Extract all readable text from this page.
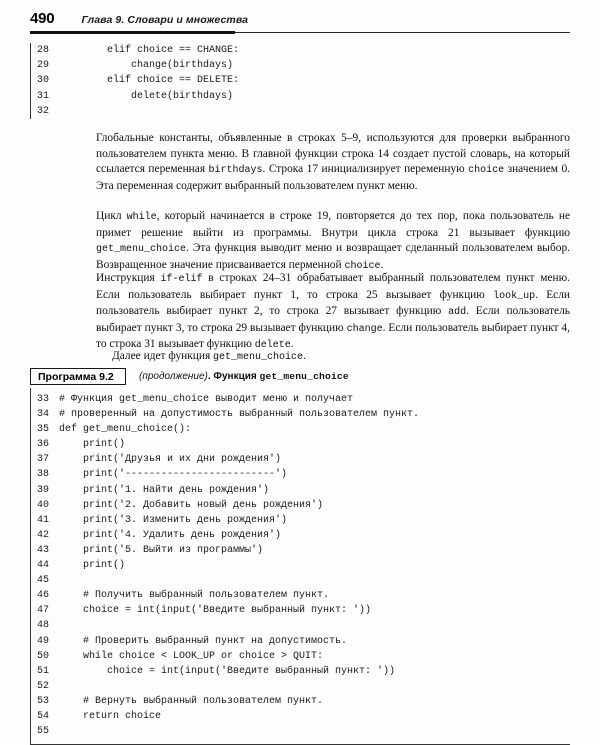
490	Глава 9. Словари и множества
28 elif choice == CHANGE:
29 change(birthdays)
30 elif choice == DELETE:
31 delete(birthdays)
32
Глобальные константы, объявленные в строках 5–9, используются для проверки выбранного пользователем пункта меню. В главной функции строка 14 создает пустой словарь, на который ссылается переменная birthdays. Строка 17 инициализирует переменную choice значением 0. Эта переменная содержит выбранный пользователем пункт меню.
Цикл while, который начинается в строке 19, повторяется до тех пор, пока пользователь не примет решение выйти из программы. Внутри цикла строка 21 вызывает функцию get_menu_choice. Эта функция выводит меню и возвращает сделанный пользователем выбор. Возвращенное значение присваивается перменной choice.
Инструкция if-elif в строках 24–31 обрабатывает выбранный пользователем пункт меню. Если пользователь выбирает пункт 1, то строка 25 вызывает функцию look_up. Если пользователь выбирает пункт 2, то строка 27 вызывает функцию add. Если пользователь выбирает пункт 3, то строка 29 вызывает функцию change. Если пользователь выбирает пункт 4, то строка 31 вызывает функцию delete.
Далее идет функция get_menu_choice.
Программа 9.2	(продолжение). Функция get_menu_choice
33 # Функция get_menu_choice выводит меню и получает
34 # проверенный на допустимость выбранный пользователем пункт.
35 def get_menu_choice():
36 print()
37 print('Друзья и их дни рождения')
38 print('-------------------------')
39 print('1. Найти день рождения')
40 print('2. Добавить новый день рождения')
41 print('3. Изменить день рождения')
42 print('4. Удалить день рождения')
43 print('5. Выйти из программы')
44 print()
45
46 # Получить выбранный пользователем пункт.
47 choice = int(input('Введите выбранный пункт: '))
48
49 # Проверить выбранный пункт на допустимость.
50 while choice < LOOK_UP or choice > QUIT:
51 choice = int(input('Введите выбранный пункт: '))
52
53 # Вернуть выбранный пользователем пункт.
54 return choice
55
